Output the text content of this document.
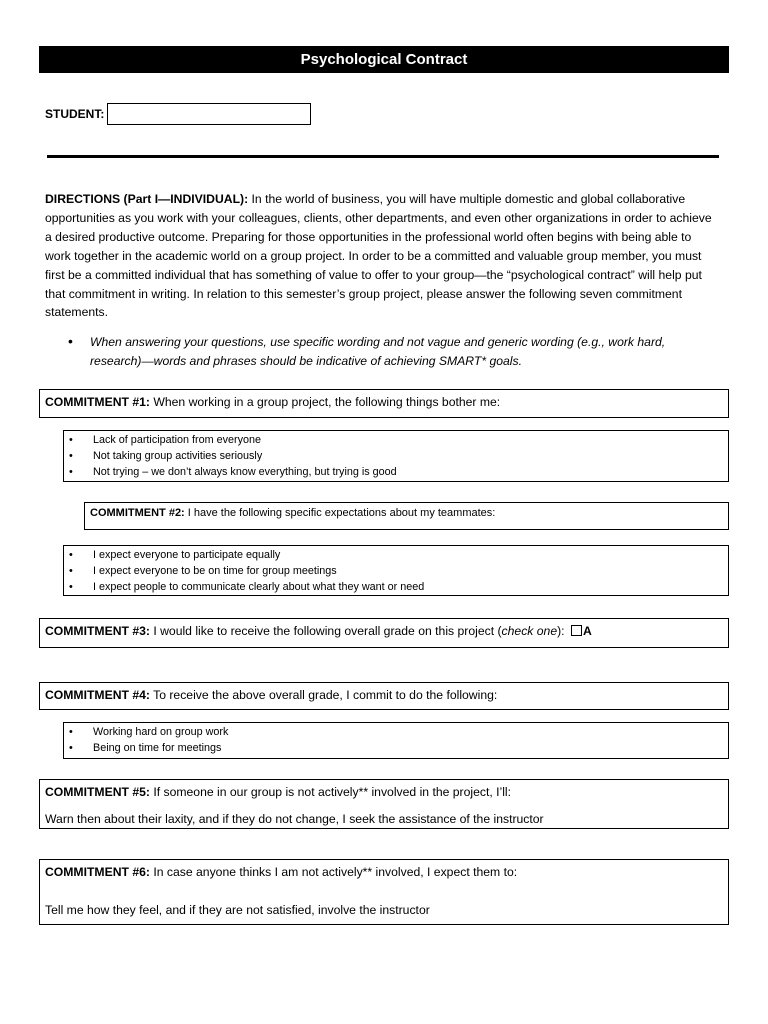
Psychological Contract
STUDENT:
DIRECTIONS (Part I—INDIVIDUAL): In the world of business, you will have multiple domestic and global collaborative opportunities as you work with your colleagues, clients, other departments, and even other organizations in order to achieve a desired productive outcome. Preparing for those opportunities in the professional world often begins with being able to work together in the academic world on a group project. In order to be a committed and valuable group member, you must first be a committed individual that has something of value to offer to your group—the “psychological contract” will help put that commitment in writing. In relation to this semester’s group project, please answer the following seven commitment statements.
•	When answering your questions, use specific wording and not vague and generic wording (e.g., work hard, research)—words and phrases should be indicative of achieving SMART* goals.
COMMITMENT #1: When working in a group project, the following things bother me:
•	Lack of participation from everyone
•	Not taking group activities seriously
•	Not trying – we don’t always know everything, but trying is good
COMMITMENT #2: I have the following specific expectations about my teammates:
•	I expect everyone to participate equally
•	I expect everyone to be on time for group meetings
•	I expect people to communicate clearly about what they want or need
COMMITMENT #3: I would like to receive the following overall grade on this project (check one): A
COMMITMENT #4: To receive the above overall grade, I commit to do the following:
•	Working hard on group work
•	Being on time for meetings
COMMITMENT #5: If someone in our group is not actively** involved in the project, I’ll:
Warn then about their laxity, and if they do not change, I seek the assistance of the instructor
COMMITMENT #6: In case anyone thinks I am not actively** involved, I expect them to:
Tell me how they feel, and if they are not satisfied, involve the instructor
